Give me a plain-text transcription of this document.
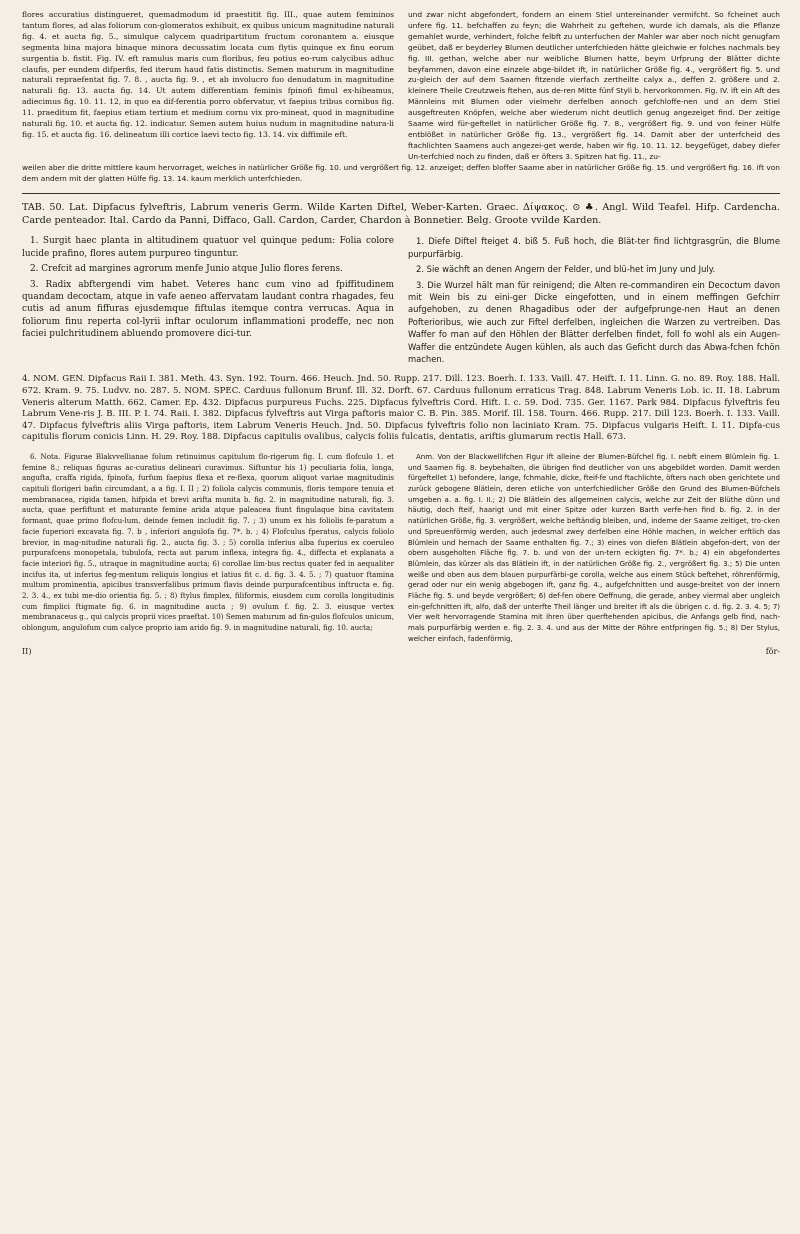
flores accuratius distingueret, quemadmodum id praestitit fig. III., quae autem femininos tantum flores, ad alas foliorum con-glomeratos exhibuit, ex quibus unicum magnitudine naturali fig. 4. et aucta fig. 5., simulque calycem quadripartitum fructum coronantem a. eiusque segmenta bina majora binaque minora decussatim locata cum flytis quinque ex finu eorum surgentia b. fistit. Fig. IV. eft ramulus maris cum floribus, feu potius eo-rum calycibus adhuc claufis, per eundem difperfis, fed iterum haud fatis distinctis. Semen maturum in magnitudine naturali repraefentat fig. 7. 8. , aucta fig. 9. , et ab involucro fuo denudatum in magnitudine naturali fig. 13. aucta fig. 14. Ut autem differentiam feminis fpinofi fimul ex-hibeamus, adiecimus fig. 10. 11. 12, in quo ea dif-ferentia porro obfervatur, vt faepius tribus cornibus fig. 11. praeditum fit, faepius etiam tertium et medium cornu vix pro-mineat, quod in magnitudine naturali fig. 10. et aucta fig. 12. indicatur. Semen autem huius nudum in magnitudine natura-li fig. 15. et aucta fig. 16. delineatum illi cortice laevi tecto fig. 13. 14. vix diffimile eft.

und zwar nicht abgefondert, fondern an einem Stiel untereinander vermifcht. So fcheinet auch unfere fig. 11. befchaffen zu feyn; die Wahrheit zu geftehen, wurde ich damals, als die Pflanze gemahlet wurde, verhindert, folche felbft zu unterfuchen der Mahler war aber noch nicht genugfam geübet, daß er beyderley Blumen deutlicher unterfchieden hätte gleichwie er folches nachmals bey fig. III. gethan, welche aber nur weibliche Blumen hatte, beym Urfprung der Blätter dichte beyfammen, davon eine einzele abge-bildet ift, in natürlicher Größe fig. 4., vergrößert fig. 5. und zu-gleich der auf dem Saamen fitzende vierfach zertheilte calyx a., deffen 2. größere und 2. kleinere Theile Creutzweis ftehen, aus de-ren Mitte fünf Styli b. hervorkommen. Fig. IV. ift ein Aft des Männleins mit Blumen oder vielmehr derfelben annoch gefchloffe-nen und an dem Stiel ausgeftreuten Knöpfen, welche aber wiederum nicht deutlich genug angezeiget find. Der zeitige Saame wird für-geftellet in natürlicher Größe fig. 7. 8., vergrößert fig. 9. und von feiner Hülfe entblößet in natürlicher Größe fig. 13., vergrößert fig. 14. Damit aber der unterfcheid des ftachlichten Saamens auch angezei-get werde, haben wir fig. 10. 11. 12. beygefüget, dabey diefer Un-terfchied noch zu finden, daß er öfters 3. Spitzen hat fig. 11., zu-

weilen aber die dritte mittlere kaum hervorraget, welches in natürlicher Größe fig. 10. und vergrößert fig. 12. anzeiget; deffen bloffer Saame aber in natürlicher Größe fig. 15. und vergrößert fig. 16. ift von dem andern mit der glatten Hülfe fig. 13. 14. kaum merklich unterfchieden.

TAB. 50. Lat. Dipfacus fylveftris, Labrum veneris Germ. Wilde Karten Diftel, Weber-Karten. Graec. Δίψακος. ⊙ ♣. Angl. Wild Teafel. Hifp. Cardencha. Carde penteador. Ital. Cardo da Panni, Diffaco, Gall. Cardon, Carder, Chardon à Bonnetier. Belg. Groote vvilde Karden.

1. Surgit haec planta in altitudinem quatuor vel quinque pedum: Folia colore lucide prafino, flores autem purpureo tinguntur.

2. Crefcit ad margines agrorum menfe Junio atque Julio flores ferens.

3. Radix abftergendi vim habet. Veteres hanc cum vino ad fpiffitudinem quandam decoctam, atque in vafe aeneo affervatam laudant contra rhagades, feu cutis ad anum fiffuras ejusdemque fiftulas itemque contra verrucas. Aqua in foliorum finu reperta col-lyrii inftar oculorum inflammationi prodeffe, nec non faciei pulchritudinem abluendo promovere dici-tur.

1. Diefe Diftel fteiget 4. biß 5. Fuß hoch, die Blät-ter find lichtgrasgrün, die Blume purpurfärbig.

2. Sie wächft an denen Angern der Felder, und blü-het im Juny und July.

3. Die Wurzel hält man für reinigend; die Alten re-commandiren ein Decoctum davon mit Wein bis zu eini-ger Dicke eingefotten, und in einem meffingen Gefchirr aufgehoben, zu denen Rhagadibus oder der aufgefprunge-nen Haut an denen Pofterioribus, wie auch zur Fiftel derfelben, ingleichen die Warzen zu vertreiben. Das Waffer fo man auf den Höhlen der Blätter derfelben findet, foll fo wohl als ein Augen-Waffer die entzündete Augen kühlen, als auch das Geficht durch das Abwa-fchen fchön machen.

4. NOM. GEN. Dipfacus Raii I. 381. Meth. 43. Syn. 192. Tourn. 466. Heuch. Jnd. 50. Rupp. 217. Dill. 123. Boerh. I. 133. Vaill. 47. Heift. I. 11. Linn. G. no. 89. Roy. 188. Hall. 672. Kram. 9. 75. Ludvv. no. 287. 5. NOM. SPEC. Carduus fullonum Brunf. Ill. 32. Dorft. 67. Carduus fullonum erraticus Trag. 848. Labrum Veneris Lob. ic. II. 18. Labrum Veneris alterum Matth. 662. Camer. Ep. 432. Dipfacus purpureus Fuchs. 225. Dipfacus fylveftris Cord. Hift. I. c. 59. Dod. 735. Ger. 1167. Park 984. Dipfacus fylveftris feu Labrum Vene-ris J. B. III. P. I. 74. Raii. I. 382. Dipfacus fylveftris aut Virga paftoris maior C. B. Pin. 385. Morif. Ill. 158. Tourn. 466. Rupp. 217. Dill 123. Boerh. I. 133. Vaill. 47. Dipfacus fylveftris aliis Virga paftoris, item Labrum Veneris Heuch. Jnd. 50. Dipfacus fylveftris folio non laciniato Kram. 75. Dipfacus vulgaris Heift. I. 11. Dipfa-cus capitulis florum conicis Linn. H. 29. Roy. 188. Dipfacus capitulis ovalibus, calycis foliis fulcatis, dentatis, ariftis glumarum rectis Hall. 673.

6. Nota. Figurae Blakvvellianae folum retinuimus capitulum flo-rigerum fig. I. cum flofculo 1. et femine 8.; reliquas figuras ac-curatius delineari curavimus. Siftuntur his 1) peculiaria folia, longa, angufta, craffa rigida, fpinofa, furfum faepius flexa et re-flexa, quorum aliquot variae magnitudinis capituli florigeri bafin circumdant, a a fig. I. II ; 2) foliola calycis communis, floris tempore tenuia et membranacea, rigida tamen, hifpida et brevi arifta munita b. fig. 2. in magnitudine naturali, fig. 3. aucta, quae perfiftunt et maturante femine arida atque paleacea fiunt fingulaque bina cavitatem formant, quae primo flofcu-lum, deinde femen includit fig. 7. ; 3) unum ex his foliolis fe-paratum a facie fuperiori excavata fig. 7. b , inferiori angulofa fig. 7*. b. ; 4) Flofculus fperatus, calycis foliolo brevior, in mag-nitudine naturali fig. 2., aucta fig. 3. ; 5) corolla inferius alba fuperius ex coeruleo purpurafcens monopetala, tubulofa, recta aut parum inflexa, integra fig. 4., diffecta et explanata a facie interiori fig. 5., utraque in magnitudine aucta; 6) corollae lim-bus rectus quater fed in aequaliter incifus ita, ut inferius feg-mentum reliquis longius et latius fit c. d. fig. 3. 4. 5. ; 7) quatuor ftamina multum prominentia, apicibus transverfalibus primum flavis deinde purpurafcentibus inftructa e. fig. 2. 3. 4., ex tubi me-dio orientia fig. 5. ; 8) ftylus fimplex, filiformis, eiusdem cum corolla longitudinis cum fimplici ftigmate fig. 6. in magnitudine aucta ; 9) ovulum f. fig. 2. 3. eiusque vertex membranaceus g., qui calycis proprii vices praeftat. 10) Semen maturum ad fin-gulos flofculos unicum, oblongum, angulofum cum calyce proprio iam arido fig. 9. in magnitudine naturali, fig. 10. aucta;

Anm. Von der Blackwellifchen Figur ift alleine der Blumen-Büfchel fig. I. nebft einem Blümlein fig. 1. und Saamen fig. 8. beybehalten, die übrigen find deutlicher von uns abgebildet worden. Damit werden fürgeftellet 1) befondere, lange, fchmahle, dicke, fteif-fe und ftachlichte, öfters nach oben gerichtete und zurück gebogene Blätlein, deren etliche von unterfchiedlicher Größe den Grund des Blumen-Büfchels umgeben a. a. fig. I. II.; 2) Die Blätlein des allgemeinen calycis, welche zur Zeit der Blüthe dünn und häutig, doch fteif, haarigt und mit einer Spitze oder kurzen Barth verfe-hen find b. fig. 2. in der natürlichen Größe, fig. 3. vergrößert, welche beftändig bleiben, und, indeme der Saame zeitiget, tro-cken und Spreuenförmig werden, auch jedesmal zwey derfelben eine Höhle machen, in welcher erftlich das Blümlein und hernach der Saame enthalten fig. 7.; 3) eines von diefen Blätlein abgefon-dert, von der obern ausgeholten Fläche fig. 7. b. und von der un-tern eckigten fig. 7*. b.; 4) ein abgefondertes Blümlein, das kürzer als das Blätlein ift, in der natürlichen Größe fig. 2., vergrößert fig. 3.; 5) Die unten weiße und oben aus dem blauen purpurfärbi-ge corolla, welche aus einem Stück beftehet, röhrenförmig, gerad oder nur ein wenig abgebogen ift, ganz fig. 4., aufgefchnitten und ausge-breitet von der innern Fläche fig. 5. und beyde vergrößert; 6) def-fen obere Oeffnung, die gerade, anbey viermal aber ungleich ein-gefchnitten ift, alfo, daß der unterfte Theil länger und breiter ift als die übrigen c. d. fig. 2. 3. 4. 5; 7) Vier weit hervorragende Stamina mit ihren über querftehenden apicibus, die Anfangs gelb find, nach-mals purpurfärbig werden e. fig. 2. 3. 4. und aus der Mitte der Röhre entfpringen fig. 5.; 8) Der Stylus, welcher einfach, fadenförmig,

II)	för-
